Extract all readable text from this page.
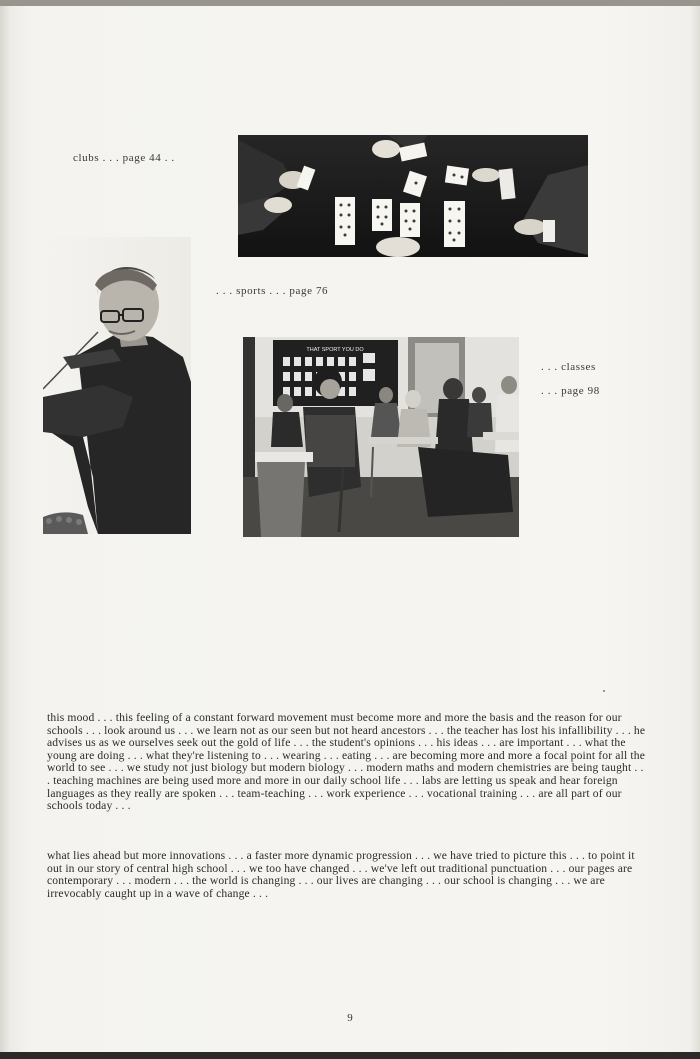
clubs . . . page 44 . .
. . . sports . . . page 76
THAT SPORT YOU DO
. . . classes
. . . page 98
this mood . . . this feeling of a constant forward movement must become more and more the basis and the reason for our schools . . . look around us . . . we learn not as our seen but not heard ancestors . . . the teacher has lost his infallibility . . . he advises us as we ourselves seek out the gold of life . . . the student's opinions . . . his ideas . . . are important . . . what the young are doing . . . what they're listening to . . . wearing . . . eating . . . are becoming more and more a focal point for all the world to see . . . we study not just biology but modern biology . . . modern maths and modern chemistries are being taught . . . teaching machines are being used more and more in our daily school life . . . labs are letting us speak and hear foreign languages as they really are spoken . . . team-teaching . . . work experience . . . vocational training . . . are all part of our schools today . . .
what lies ahead but more innovations . . . a faster more dynamic progression . . . we have tried to picture this . . . to point it out in our story of central high school . . . we too have changed . . . we've left out traditional punctuation . . . our pages are contemporary . . . modern . . . the world is changing . . . our lives are changing . . . our school is changing . . . we are irrevocably caught up in a wave of change . . .
9
